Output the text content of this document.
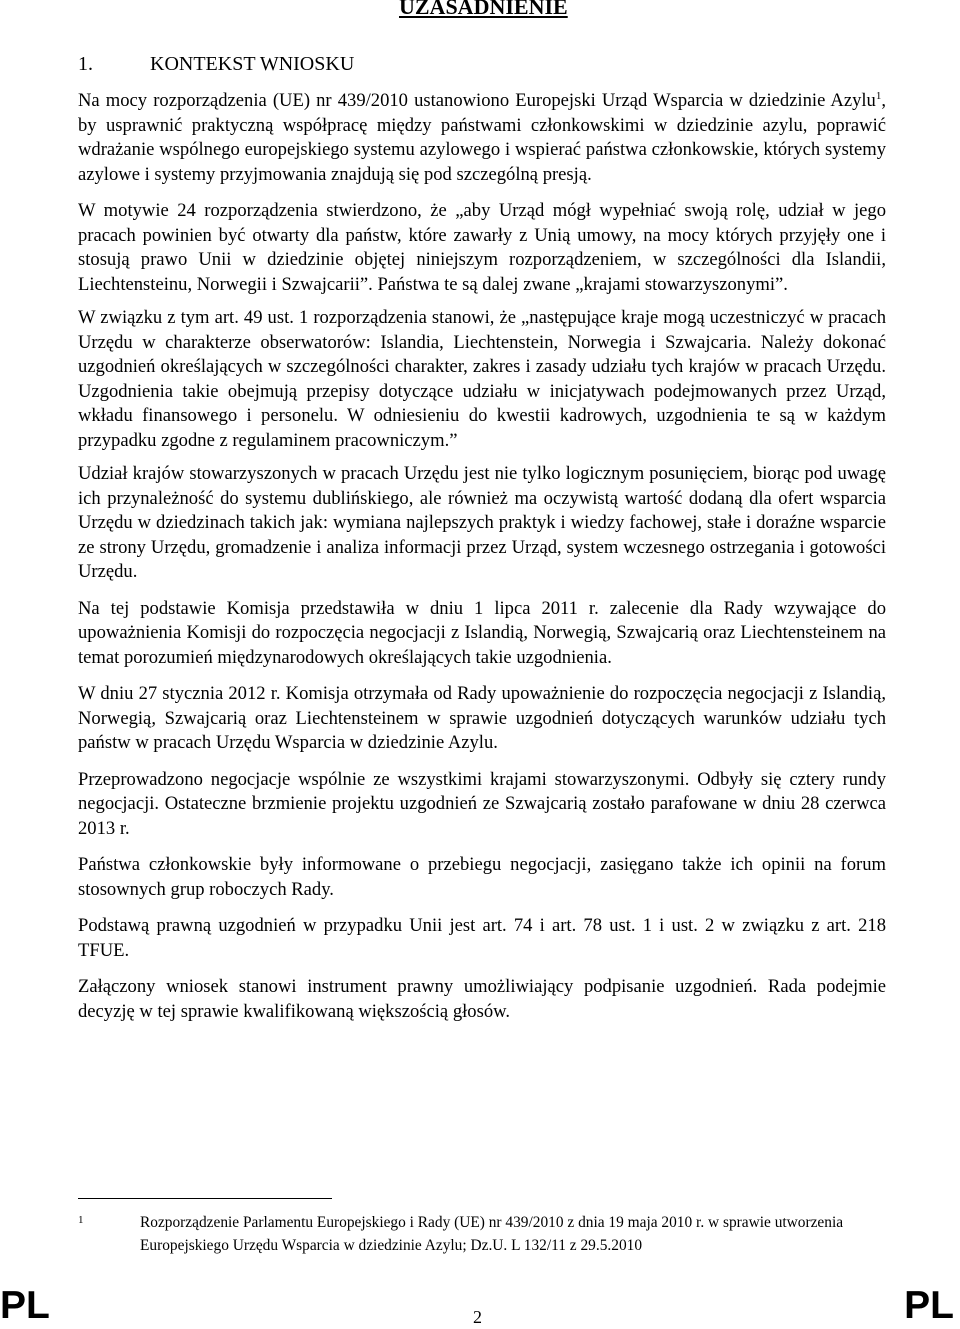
UZASADNIENIE
1.	KONTEKST WNIOSKU

Na mocy rozporządzenia (UE) nr 439/2010 ustanowiono Europejski Urząd Wsparcia w dziedzinie Azylu$^1$, by usprawnić praktyczną współpracę między państwami członkowskimi w dziedzinie azylu, poprawić wdrażanie wspólnego europejskiego systemu azylowego i wspierać państwa członkowskie, których systemy azylowe i systemy przyjmowania znajdują się pod szczególną presją.

W motywie 24 rozporządzenia stwierdzono, że „aby Urząd mógł wypełniać swoją rolę, udział w jego pracach powinien być otwarty dla państw, które zawarły z Unią umowy, na mocy których przyjęły one i stosują prawo Unii w dziedzinie objętej niniejszym rozporządzeniem, w szczególności dla Islandii, Liechtensteinu, Norwegii i Szwajcarii”. Państwa te są dalej zwane „krajami stowarzyszonymi”.

W związku z tym art. 49 ust. 1 rozporządzenia stanowi, że „następujące kraje mogą uczestniczyć w pracach Urzędu w charakterze obserwatorów: Islandia, Liechtenstein, Norwegia i Szwajcaria. Należy dokonać uzgodnień określających w szczególności charakter, zakres i zasady udziału tych krajów w pracach Urzędu. Uzgodnienia takie obejmują przepisy dotyczące udziału w inicjatywach podejmowanych przez Urząd, wkładu finansowego i personelu. W odniesieniu do kwestii kadrowych, uzgodnienia te są w każdym przypadku zgodne z regulaminem pracowniczym.”

Udział krajów stowarzyszonych w pracach Urzędu jest nie tylko logicznym posunięciem, biorąc pod uwagę ich przynależność do systemu dublińskiego, ale również ma oczywistą wartość dodaną dla ofert wsparcia Urzędu w dziedzinach takich jak: wymiana najlepszych praktyk i wiedzy fachowej, stałe i doraźne wsparcie ze strony Urzędu, gromadzenie i analiza informacji przez Urząd, system wczesnego ostrzegania i gotowości Urzędu.

Na tej podstawie Komisja przedstawiła w dniu 1 lipca 2011 r. zalecenie dla Rady wzywające do upoważnienia Komisji do rozpoczęcia negocjacji z Islandią, Norwegią, Szwajcarią oraz Liechtensteinem na temat porozumień międzynarodowych określających takie uzgodnienia.

W dniu 27 stycznia 2012 r. Komisja otrzymała od Rady upoważnienie do rozpoczęcia negocjacji z Islandią, Norwegią, Szwajcarią oraz Liechtensteinem w sprawie uzgodnień dotyczących warunków udziału tych państw w pracach Urzędu Wsparcia w dziedzinie Azylu.

Przeprowadzono negocjacje wspólnie ze wszystkimi krajami stowarzyszonymi. Odbyły się cztery rundy negocjacji. Ostateczne brzmienie projektu uzgodnień ze Szwajcarią zostało parafowane w dniu 28 czerwca 2013 r.

Państwa członkowskie były informowane o przebiegu negocjacji, zasięgano także ich opinii na forum stosownych grup roboczych Rady.

Podstawą prawną uzgodnień w przypadku Unii jest art. 74 i art. 78 ust. 1 i ust. 2 w związku z art. 218 TFUE.

Załączony wniosek stanowi instrument prawny umożliwiający podpisanie uzgodnień. Rada podejmie decyzję w tej sprawie kwalifikowaną większością głosów.

1	Rozporządzenie Parlamentu Europejskiego i Rady (UE) nr 439/2010 z dnia 19 maja 2010 r. w sprawie utworzenia Europejskiego Urzędu Wsparcia w dziedzinie Azylu; Dz.U. L 132/11 z 29.5.2010
PL	2	PL
